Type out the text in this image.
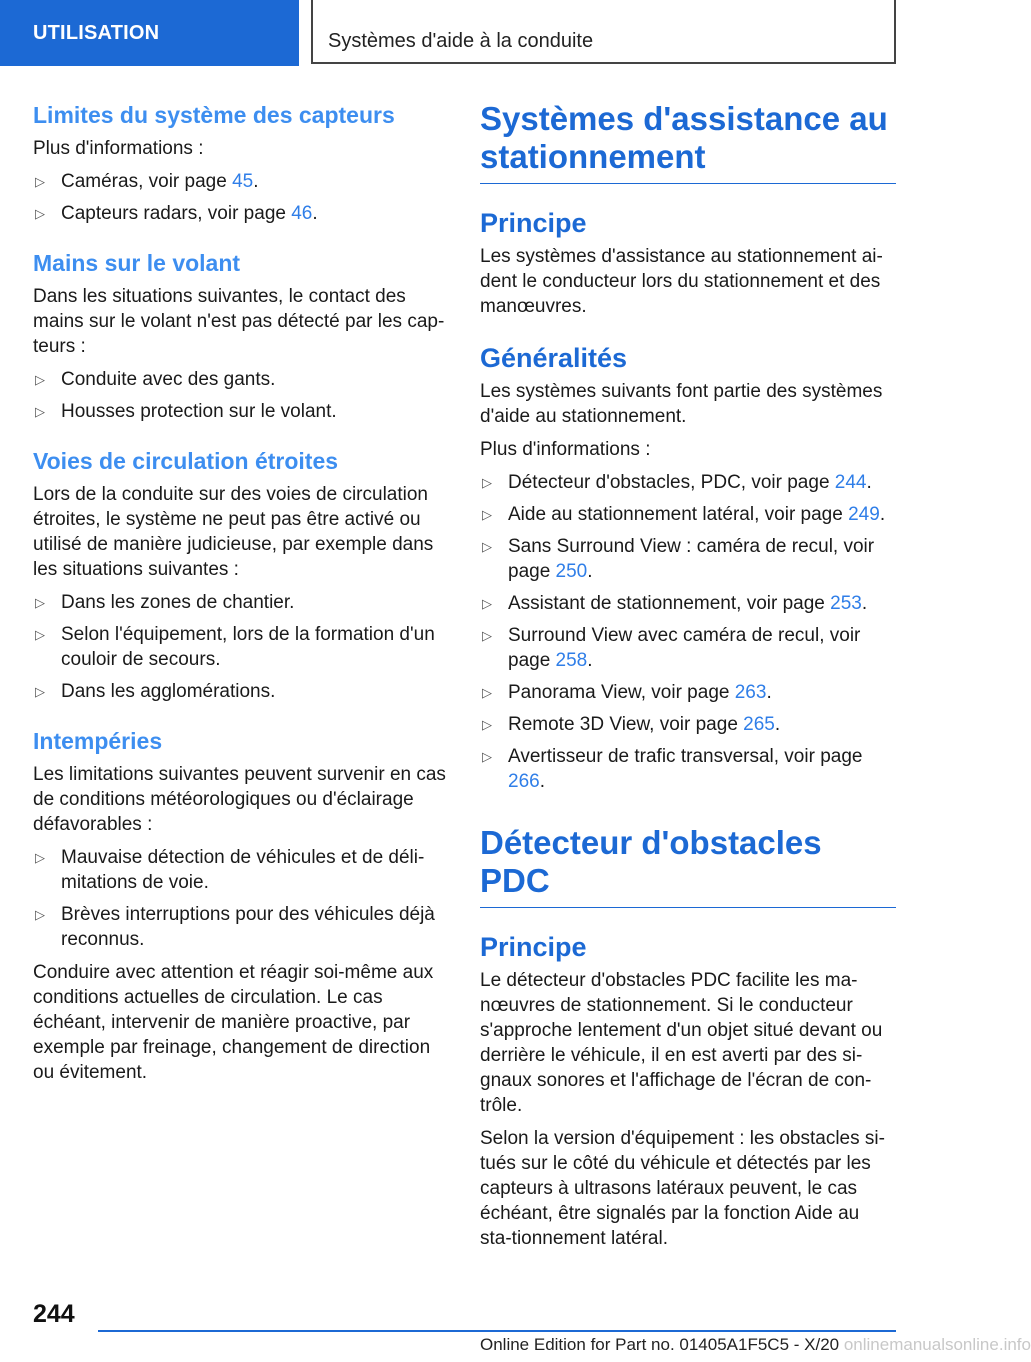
UTILISATION	Systèmes d'aide à la conduite
Limites du système des capteurs

Plus d'informations :

▷ Caméras, voir page 45.
▷ Capteurs radars, voir page 46.
Mains sur le volant

Dans les situations suivantes, le contact des mains sur le volant n'est pas détecté par les cap-teurs :

▷ Conduite avec des gants.
▷ Housses protection sur le volant.
Voies de circulation étroites

Lors de la conduite sur des voies de circulation étroites, le système ne peut pas être activé ou utilisé de manière judicieuse, par exemple dans les situations suivantes :

▷ Dans les zones de chantier.
▷ Selon l'équipement, lors de la formation d'un couloir de secours.
▷ Dans les agglomérations.
Intempéries

Les limitations suivantes peuvent survenir en cas de conditions météorologiques ou d'éclairage défavorables :

▷ Mauvaise détection de véhicules et de déli-mitations de voie.
▷ Brèves interruptions pour des véhicules déjà reconnus.

Conduire avec attention et réagir soi-même aux conditions actuelles de circulation. Le cas échéant, intervenir de manière proactive, par exemple par freinage, changement de direction ou évitement.

Systèmes d'assistance au stationnement
Principe

Les systèmes d'assistance au stationnement ai-dent le conducteur lors du stationnement et des manœuvres.

Généralités

Les systèmes suivants font partie des systèmes d'aide au stationnement.

Plus d'informations :

▷ Détecteur d'obstacles, PDC, voir page 244.
▷ Aide au stationnement latéral, voir page 249.
▷ Sans Surround View : caméra de recul, voir page 250.
▷ Assistant de stationnement, voir page 253.
▷ Surround View avec caméra de recul, voir page 258.
▷ Panorama View, voir page 263.
▷ Remote 3D View, voir page 265.
▷ Avertisseur de trafic transversal, voir page 266.
Détecteur d'obstacles PDC
Principe

Le détecteur d'obstacles PDC facilite les ma-nœuvres de stationnement. Si le conducteur s'approche lentement d'un objet situé devant ou derrière le véhicule, il en est averti par des si-gnaux sonores et l'affichage de l'écran de con-trôle.

Selon la version d'équipement : les obstacles si-tués sur le côté du véhicule et détectés par les capteurs à ultrasons latéraux peuvent, le cas échéant, être signalés par la fonction Aide au sta-tionnement latéral.

244
Online Edition for Part no. 01405A1F5C5 - X/20 onlinemanualsonline.info
